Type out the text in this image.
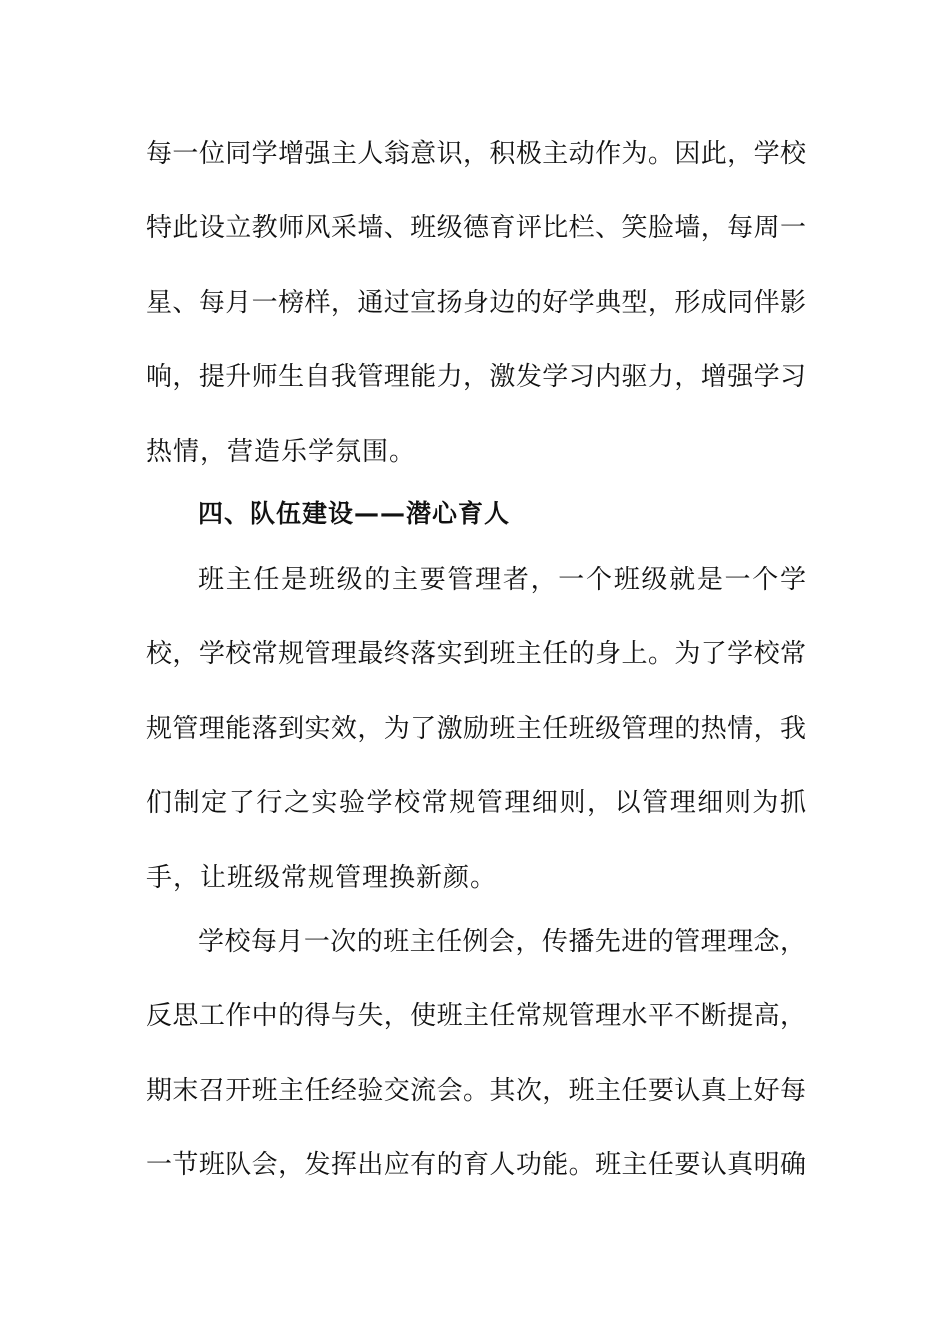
每一位同学增强主人翁意识，积极主动作为。因此，学校
特此设立教师风采墙、班级德育评比栏、笑脸墙，每周一
星、每月一榜样，通过宣扬身边的好学典型，形成同伴影
响，提升师生自我管理能力，激发学习内驱力，增强学习
热情，营造乐学氛围。
四、队伍建设——潜心育人
班主任是班级的主要管理者，一个班级就是一个学
校，学校常规管理最终落实到班主任的身上。为了学校常
规管理能落到实效，为了激励班主任班级管理的热情，我
们制定了行之实验学校常规管理细则，以管理细则为抓
手，让班级常规管理换新颜。
学校每月一次的班主任例会，传播先进的管理理念，
反思工作中的得与失，使班主任常规管理水平不断提高，
期末召开班主任经验交流会。其次，班主任要认真上好每
一节班队会，发挥出应有的育人功能。班主任要认真明确
